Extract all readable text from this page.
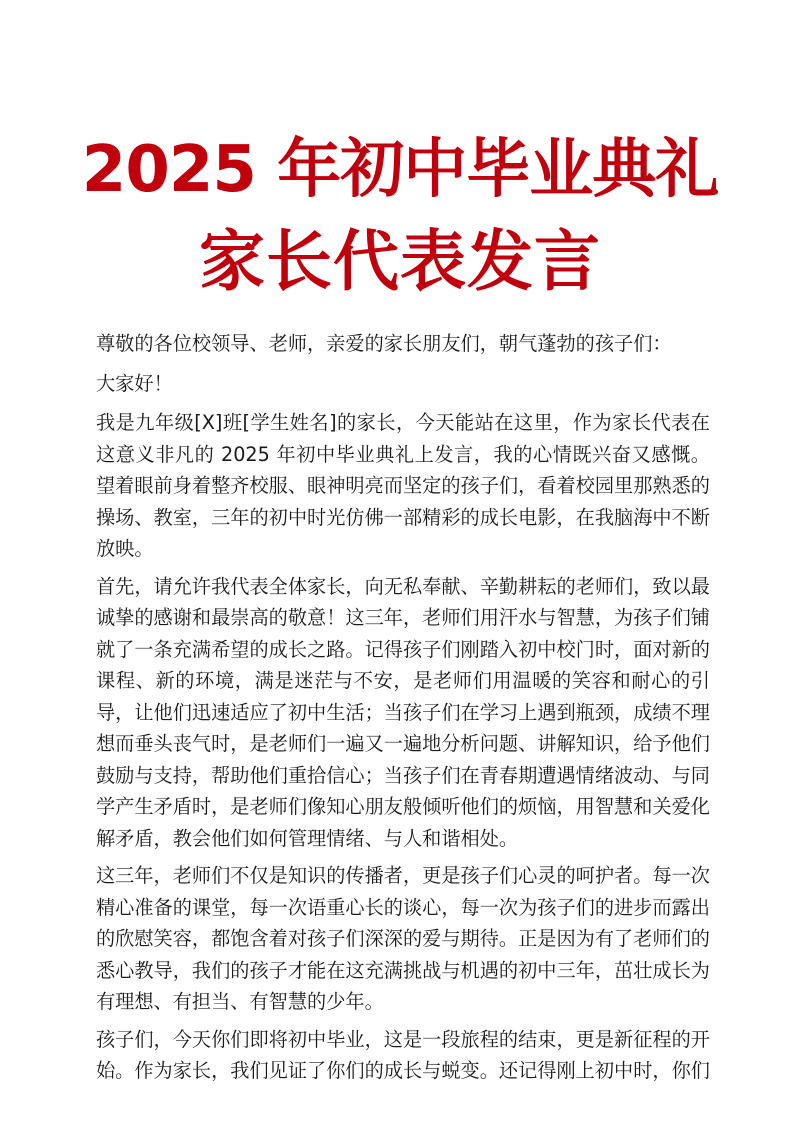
2025 年初中毕业典礼
家长代表发言

尊敬的各位校领导、老师，亲爱的家长朋友们，朝气蓬勃的孩子们：

大家好！

我是九年级[X]班[学生姓名]的家长，今天能站在这里，作为家长代表在这意义非凡的 2025 年初中毕业典礼上发言，我的心情既兴奋又感慨。望着眼前身着整齐校服、眼神明亮而坚定的孩子们，看着校园里那熟悉的操场、教室，三年的初中时光仿佛一部精彩的成长电影，在我脑海中不断放映。

首先，请允许我代表全体家长，向无私奉献、辛勤耕耘的老师们，致以最诚挚的感谢和最崇高的敬意！这三年，老师们用汗水与智慧，为孩子们铺就了一条充满希望的成长之路。记得孩子们刚踏入初中校门时，面对新的课程、新的环境，满是迷茫与不安，是老师们用温暖的笑容和耐心的引导，让他们迅速适应了初中生活；当孩子们在学习上遇到瓶颈，成绩不理想而垂头丧气时，是老师们一遍又一遍地分析问题、讲解知识，给予他们鼓励与支持，帮助他们重拾信心；当孩子们在青春期遭遇情绪波动、与同学产生矛盾时，是老师们像知心朋友般倾听他们的烦恼，用智慧和关爱化解矛盾，教会他们如何管理情绪、与人和谐相处。

这三年，老师们不仅是知识的传播者，更是孩子们心灵的呵护者。每一次精心准备的课堂，每一次语重心长的谈心，每一次为孩子们的进步而露出的欣慰笑容，都饱含着对孩子们深深的爱与期待。正是因为有了老师们的悉心教导，我们的孩子才能在这充满挑战与机遇的初中三年，茁壮成长为有理想、有担当、有智慧的少年。

孩子们，今天你们即将初中毕业，这是一段旅程的结束，更是新征程的开始。作为家长，我们见证了你们的成长与蜕变。还记得刚上初中时，你们
